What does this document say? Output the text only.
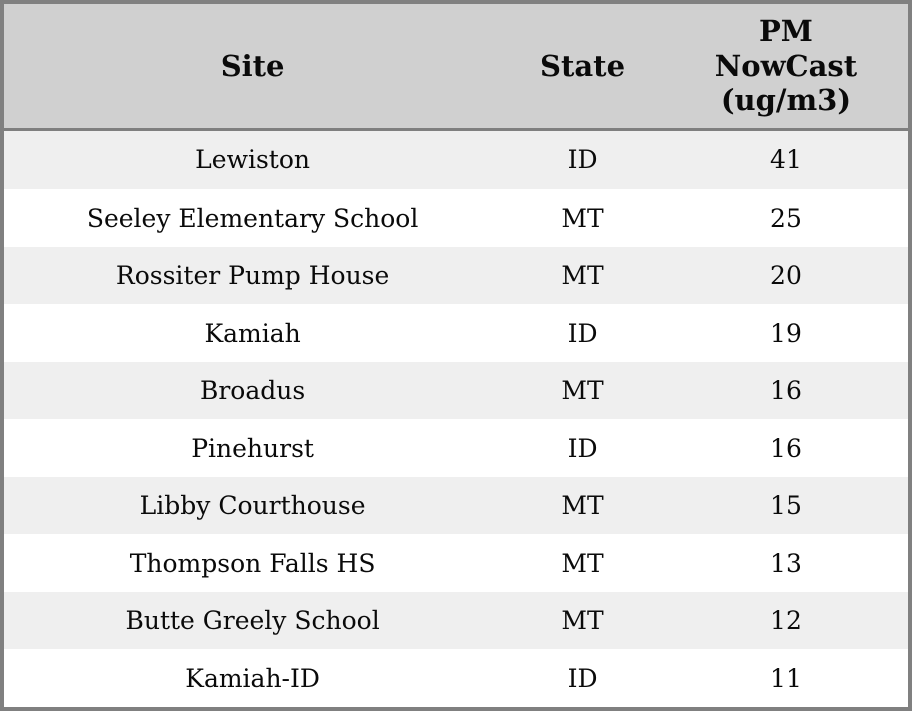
Site	State	PM NowCast (ug/m3)
Lewiston	ID	41
Seeley Elementary School	MT	25
Rossiter Pump House	MT	20
Kamiah	ID	19
Broadus	MT	16
Pinehurst	ID	16
Libby Courthouse	MT	15
Thompson Falls HS	MT	13
Butte Greely School	MT	12
Kamiah-ID	ID	11
